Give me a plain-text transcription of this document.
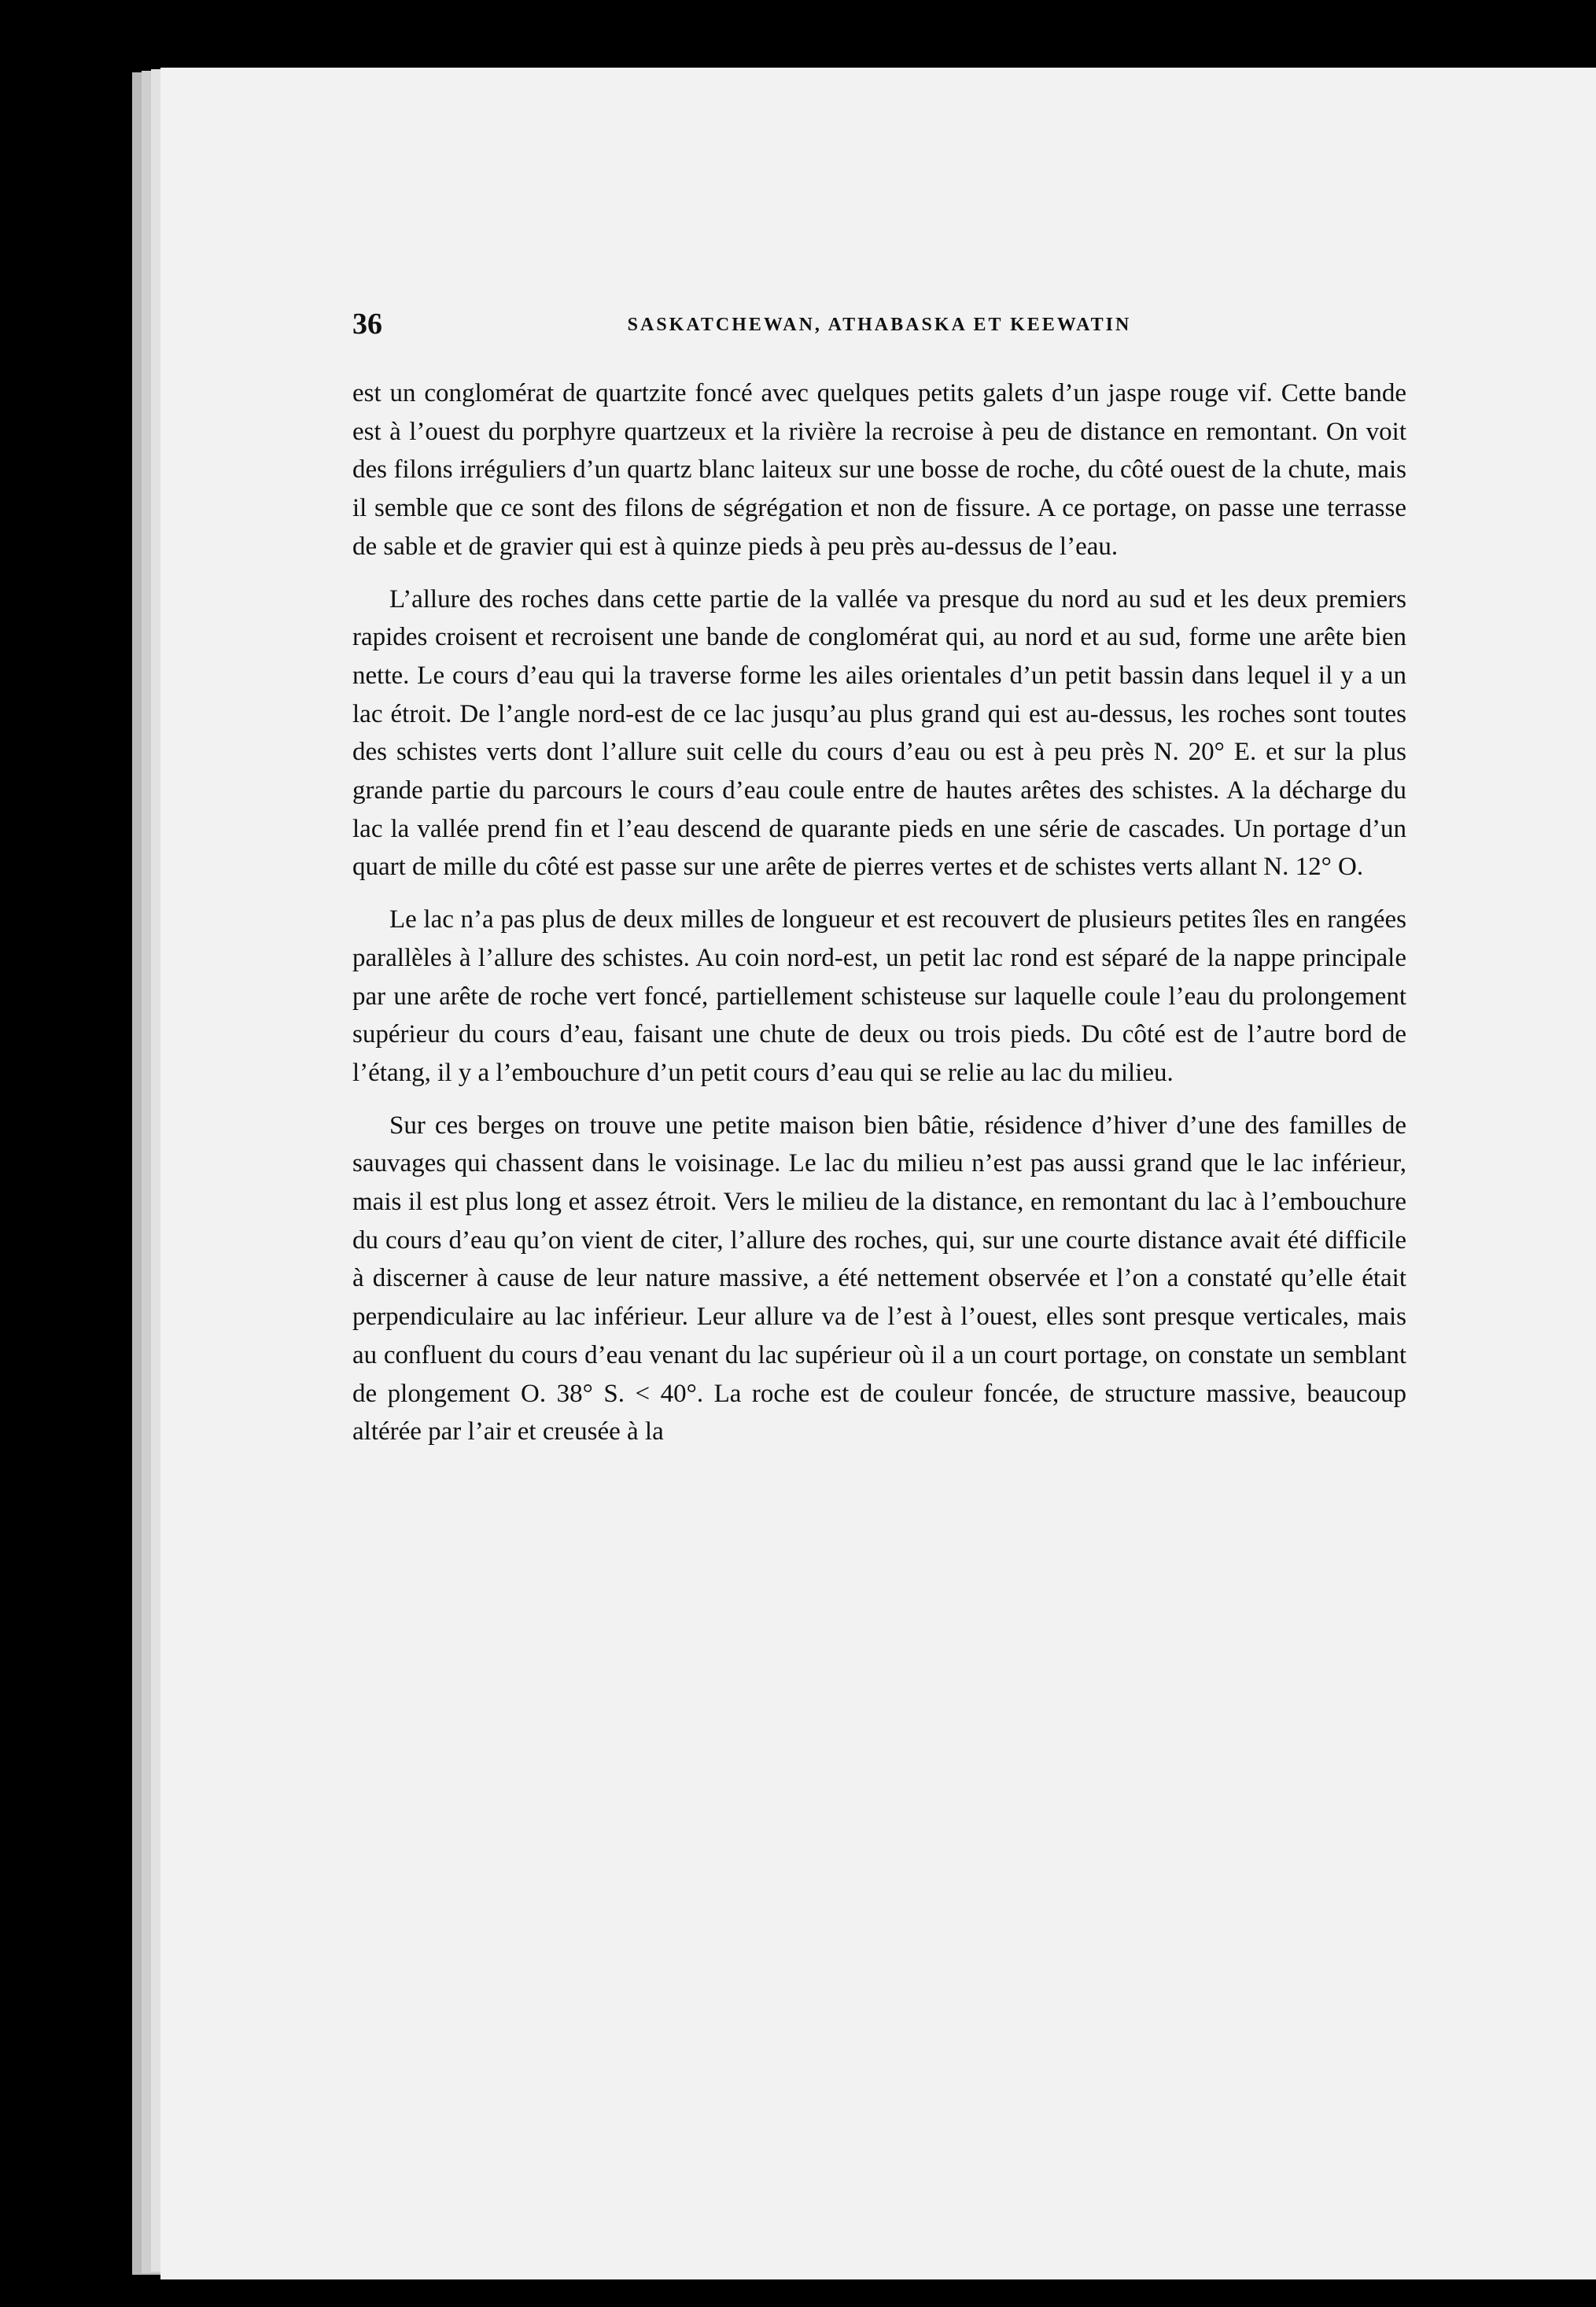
36	SASKATCHEWAN, ATHABASKA ET KEEWATIN

est un conglomérat de quartzite foncé avec quelques petits galets d’un jaspe rouge vif. Cette bande est à l’ouest du porphyre quartzeux et la rivière la recroise à peu de distance en remontant. On voit des filons irréguliers d’un quartz blanc laiteux sur une bosse de roche, du côté ouest de la chute, mais il semble que ce sont des filons de ségrégation et non de fissure. A ce portage, on passe une terrasse de sable et de gravier qui est à quinze pieds à peu près au-dessus de l’eau.

L’allure des roches dans cette partie de la vallée va presque du nord au sud et les deux premiers rapides croisent et recroisent une bande de conglomérat qui, au nord et au sud, forme une arête bien nette. Le cours d’eau qui la traverse forme les ailes orientales d’un petit bassin dans lequel il y a un lac étroit. De l’angle nord-est de ce lac jusqu’au plus grand qui est au-dessus, les roches sont toutes des schistes verts dont l’allure suit celle du cours d’eau ou est à peu près N. 20° E. et sur la plus grande partie du parcours le cours d’eau coule entre de hautes arêtes des schistes. A la décharge du lac la vallée prend fin et l’eau descend de quarante pieds en une série de cascades. Un portage d’un quart de mille du côté est passe sur une arête de pierres vertes et de schistes verts allant N. 12° O.

Le lac n’a pas plus de deux milles de longueur et est recouvert de plusieurs petites îles en rangées parallèles à l’allure des schistes. Au coin nord-est, un petit lac rond est séparé de la nappe principale par une arête de roche vert foncé, partiellement schisteuse sur laquelle coule l’eau du prolongement supérieur du cours d’eau, faisant une chute de deux ou trois pieds. Du côté est de l’autre bord de l’étang, il y a l’embouchure d’un petit cours d’eau qui se relie au lac du milieu.

Sur ces berges on trouve une petite maison bien bâtie, résidence d’hiver d’une des familles de sauvages qui chassent dans le voisinage. Le lac du milieu n’est pas aussi grand que le lac inférieur, mais il est plus long et assez étroit. Vers le milieu de la distance, en remontant du lac à l’embouchure du cours d’eau qu’on vient de citer, l’allure des roches, qui, sur une courte distance avait été difficile à discerner à cause de leur nature massive, a été nettement observée et l’on a constaté qu’elle était perpendiculaire au lac inférieur. Leur allure va de l’est à l’ouest, elles sont presque verticales, mais au confluent du cours d’eau venant du lac supérieur où il a un court portage, on constate un semblant de plongement O. 38° S. < 40°. La roche est de couleur foncée, de structure massive, beaucoup altérée par l’air et creusée à la
